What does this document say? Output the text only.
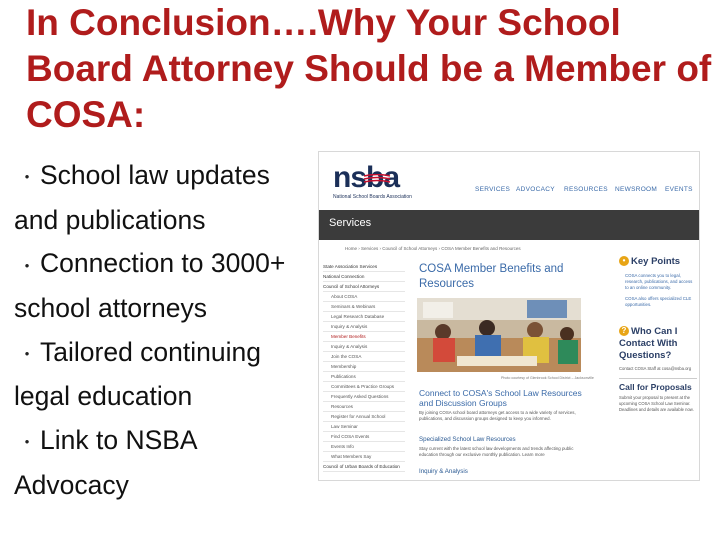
In Conclusion….Why Your School Board Attorney Should be a Member of COSA:
• School law updates and publications
• Connection to 3000+ school attorneys
• Tailored continuing legal education
• Link to NSBA Advocacy
nsba
National School Boards Association
SERVICES ADVOCACY RESOURCES NEWSROOM EVENTS
Services
Home › Services › Council of School Attorneys › COSA Member Benefits and Resources
State Association Services
National Connection
Council of School Attorneys
About COSA
Seminars & Webinars
Legal Research Database
Inquiry & Analysis
Member Benefits
Inquiry & Analysis
Join the COSA
Membership
Publications
Committees & Practice Groups
Frequently Asked Questions
Resources
Register for Annual School
Law Seminar
Find COSA Events
Events Info
What Members Say
Council of Urban Boards of Education
COSA Member Benefits and Resources
Photo courtesy of Glenbrook School District – Jacksonville
Connect to COSA's School Law Resources and Discussion Groups
By joining COSA school board attorneys get access to a wide variety of services, publications, and discussion groups designed to keep you informed.
Specialized School Law Resources
Stay current with the latest school law developments and trends affecting public education through our exclusive monthly publication. Learn more
Inquiry & Analysis
• Key Points
COSA connects you to legal, research, publications, and access to an online community.
COSA also offers specialized CLE opportunities.
? Who Can I Contact With Questions?
Contact COSA Staff at cosa@nsba.org
Call for Proposals
Submit your proposal to present at the upcoming COSA School Law Seminar. Deadlines and details are available now.
